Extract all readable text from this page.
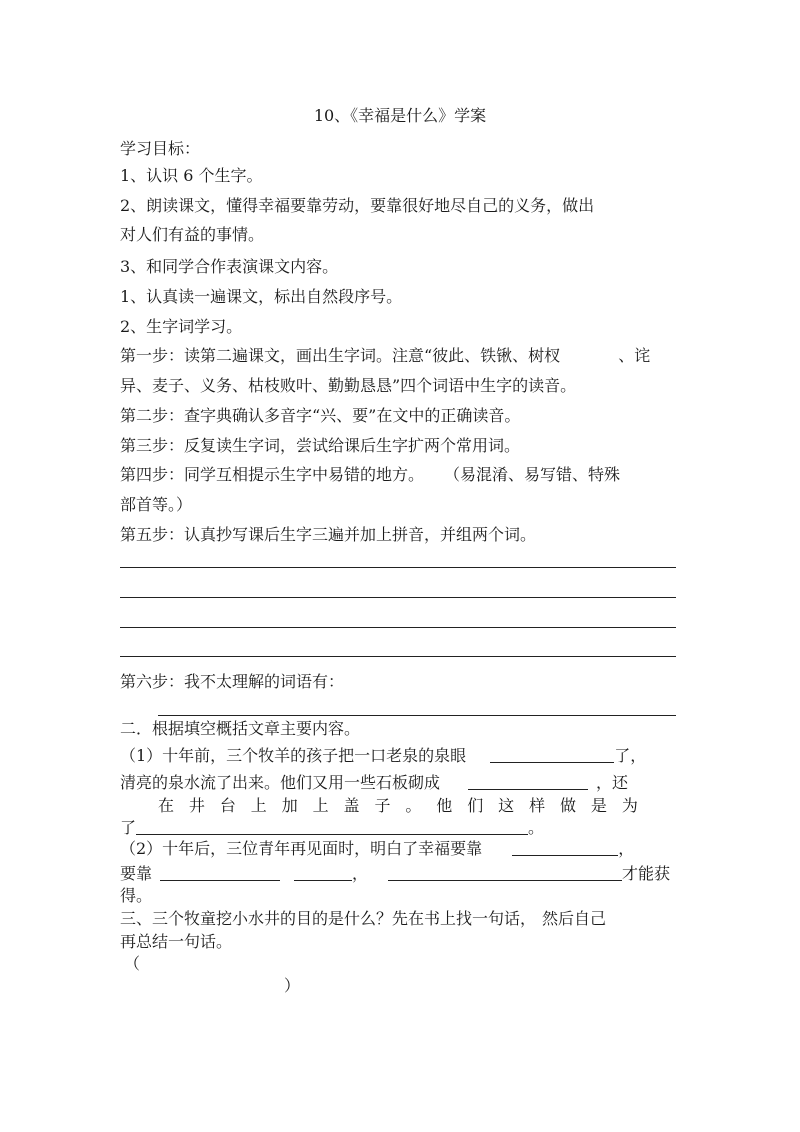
10、《幸福是什么》学案
学习目标：
1、认识 6 个生字。
2、朗读课文，懂得幸福要靠劳动，要靠很好地尽自己的义务，做出
对人们有益的事情。
3、和同学合作表演课文内容。
1、认真读一遍课文，标出自然段序号。
2、生字词学习。
第一步：读第二遍课文，画出生字词。注意“彼此、铁锹、树杈	、诧
异、麦子、义务、枯枝败叶、勤勤恳恳”四个词语中生字的读音。
第二步：查字典确认多音字“兴、要”在文中的正确读音。
第三步：反复读生字词，尝试给课后生字扩两个常用词。
第四步：同学互相提示生字中易错的地方。 （易混淆、易写错、特殊
部首等。）
第五步：认真抄写课后生字三遍并加上拼音，并组两个词。
第六步：我不太理解的词语有：
二．根据填空概括文章主要内容。
（1）十年前，三个牧羊的孩子把一口老泉的泉眼	了，
清亮的泉水流了出来。他们又用一些石板砌成	，还
在 井 台 上 加 上 盖 子 。 他 们 这 样 做 是 为
了	。
（2）十年后，三位青年再见面时，明白了幸福要靠	，
要靠	，	才能获
得。
三、三个牧童挖小水井的目的是什么？先在书上找一句话， 然后自己
再总结一句话。
（
）
